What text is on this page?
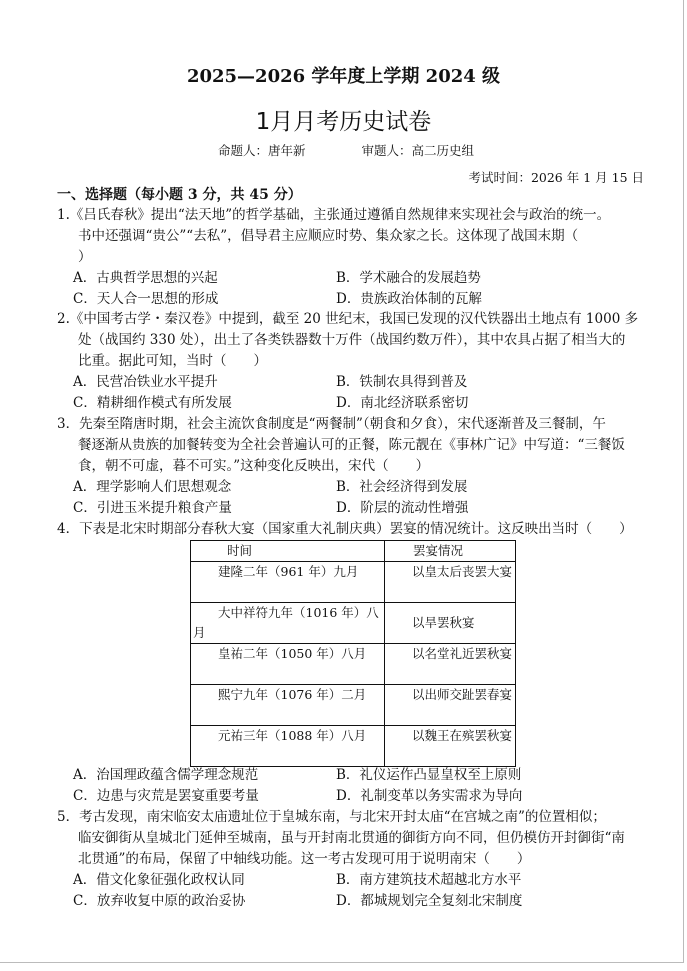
2025—2026 学年度上学期 2024 级
1月月考历史试卷
命题人：唐年新	审题人：高二历史组
考试时间：2026 年 1 月 15 日
一、选择题（每小题 3 分，共 45 分）
1.《吕氏春秋》提出“法天地”的哲学基础，主张通过遵循自然规律来实现社会与政治的统一。
书中还强调“贵公”“去私”，倡导君主应顺应时势、集众家之长。这体现了战国末期（
）
A．古典哲学思想的兴起	B．学术融合的发展趋势
C．天人合一思想的形成	D．贵族政治体制的瓦解
2.《中国考古学・秦汉卷》中提到，截至 20 世纪末，我国已发现的汉代铁器出土地点有 1000 多
处（战国约 330 处），出土了各类铁器数十万件（战国约数万件），其中农具占据了相当大的
比重。据此可知，当时（　　）
A．民营冶铁业水平提升	B．铁制农具得到普及
C．精耕细作模式有所发展	D．南北经济联系密切
3．先秦至隋唐时期，社会主流饮食制度是“两餐制”（朝食和夕食），宋代逐渐普及三餐制，午
餐逐渐从贵族的加餐转变为全社会普遍认可的正餐，陈元靓在《事林广记》中写道：“三餐饭
食，朝不可虚，暮不可实。”这种变化反映出，宋代（　　）
A．理学影响人们思想观念	B．社会经济得到发展
C．引进玉米提升粮食产量	D．阶层的流动性增强
A．治国理政蕴含儒学理念规范	B．礼仪运作凸显皇权至上原则
C．边患与灾荒是罢宴重要考量	D．礼制变革以务实需求为导向
4．下表是北宋时期部分春秋大宴（国家重大礼制庆典）罢宴的情况统计。这反映出当时（　　）
5．考古发现，南宋临安太庙遗址位于皇城东南，与北宋开封太庙“在宫城之南”的位置相似；
临安御街从皇城北门延伸至城南，虽与开封南北贯通的御街方向不同，但仍模仿开封御街“南
北贯通”的布局，保留了中轴线功能。这一考古发现可用于说明南宋（　　）
A．借文化象征强化政权认同	B．南方建筑技术超越北方水平
C．放弃收复中原的政治妥协	D．都城规划完全复刻北宋制度
时间	罢宴情况
建隆二年（961 年）九月	以皇太后丧罢大宴
大中祥符九年（1016 年）八月	以旱罢秋宴
皇祐二年（1050 年）八月	以名堂礼近罢秋宴
熙宁九年（1076 年）二月	以出师交趾罢春宴
元祐三年（1088 年）八月	以魏王在殡罢秋宴
